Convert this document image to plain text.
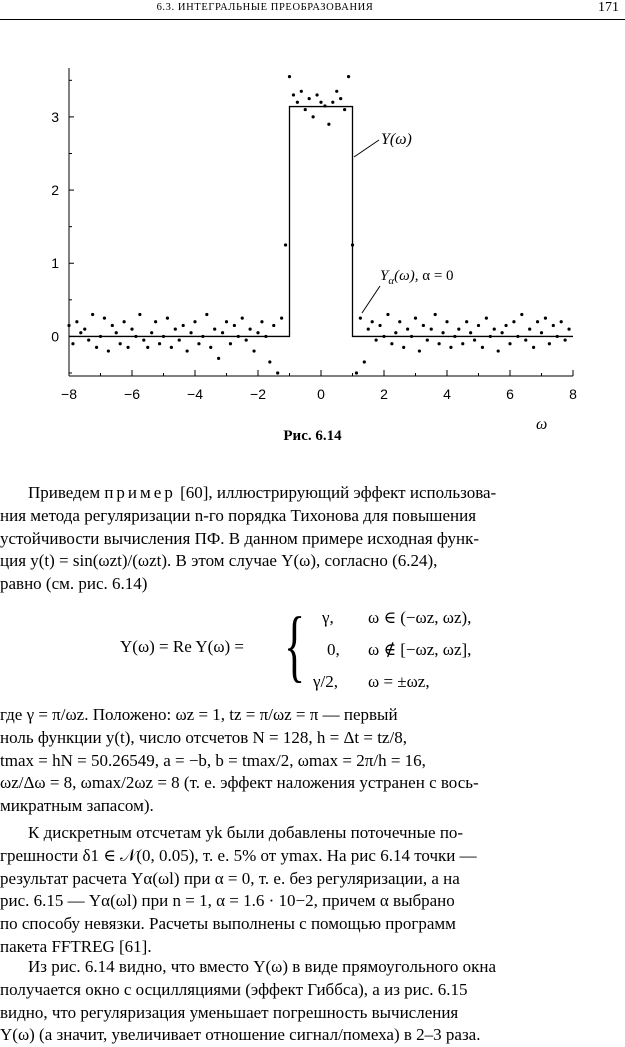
6.3. ИНТЕГРАЛЬНЫЕ ПРЕОБРАЗОВАНИЯ	171
−8	−6	−4	−2	0	2	4	6	8
0
1
2
3
Y(ω)
$Y_\alpha(\omega)$, α = 0
ω
Рис. 6.14

Приведем пример [60], иллюстрирующий эффект использова-

ния метода регуляризации n-го порядка Тихонова для повышения
устойчивости вычисления ПФ. В данном примере исходная функ-
ция y(t) = sin(ωzt)/(ωzt). В этом случае Y(ω), согласно (6.24),
равно (см. рис. 6.14)
Y(ω) = Re Y(ω) = { γ, ω ∈ (−ωz, ωz),
0, ω ∉ [−ωz, ωz],
γ/2, ω = ±ωz,
где γ = π/ωz. Положено: ωz = 1, tz = π/ωz = π — первый
ноль функции y(t), число отсчетов N = 128, h = Δt = tz/8,
tmax = hN = 50.26549, a = −b, b = tmax/2, ωmax = 2π/h = 16,
ωz/Δω = 8, ωmax/2ωz = 8 (т. е. эффект наложения устранен с вось-
микратным запасом).

К дискретным отсчетам yk были добавлены поточечные по-

грешности δ1 ∈ 𝒩(0, 0.05), т. е. 5% от ymax. На рис 6.14 точки —
результат расчета Yα(ωl) при α = 0, т. е. без регуляризации, а на
рис. 6.15 — Yα(ωl) при n = 1, α = 1.6 · 10−2, причем α выбрано
по способу невязки. Расчеты выполнены с помощью программ
пакета FFTREG [61].

Из рис. 6.14 видно, что вместо Y(ω) в виде прямоугольного окна

получается окно с осцилляциями (эффект Гиббса), а из рис. 6.15
видно, что регуляризация уменьшает погрешность вычисления
Y(ω) (а значит, увеличивает отношение сигнал/помеха) в 2–3 раза.
